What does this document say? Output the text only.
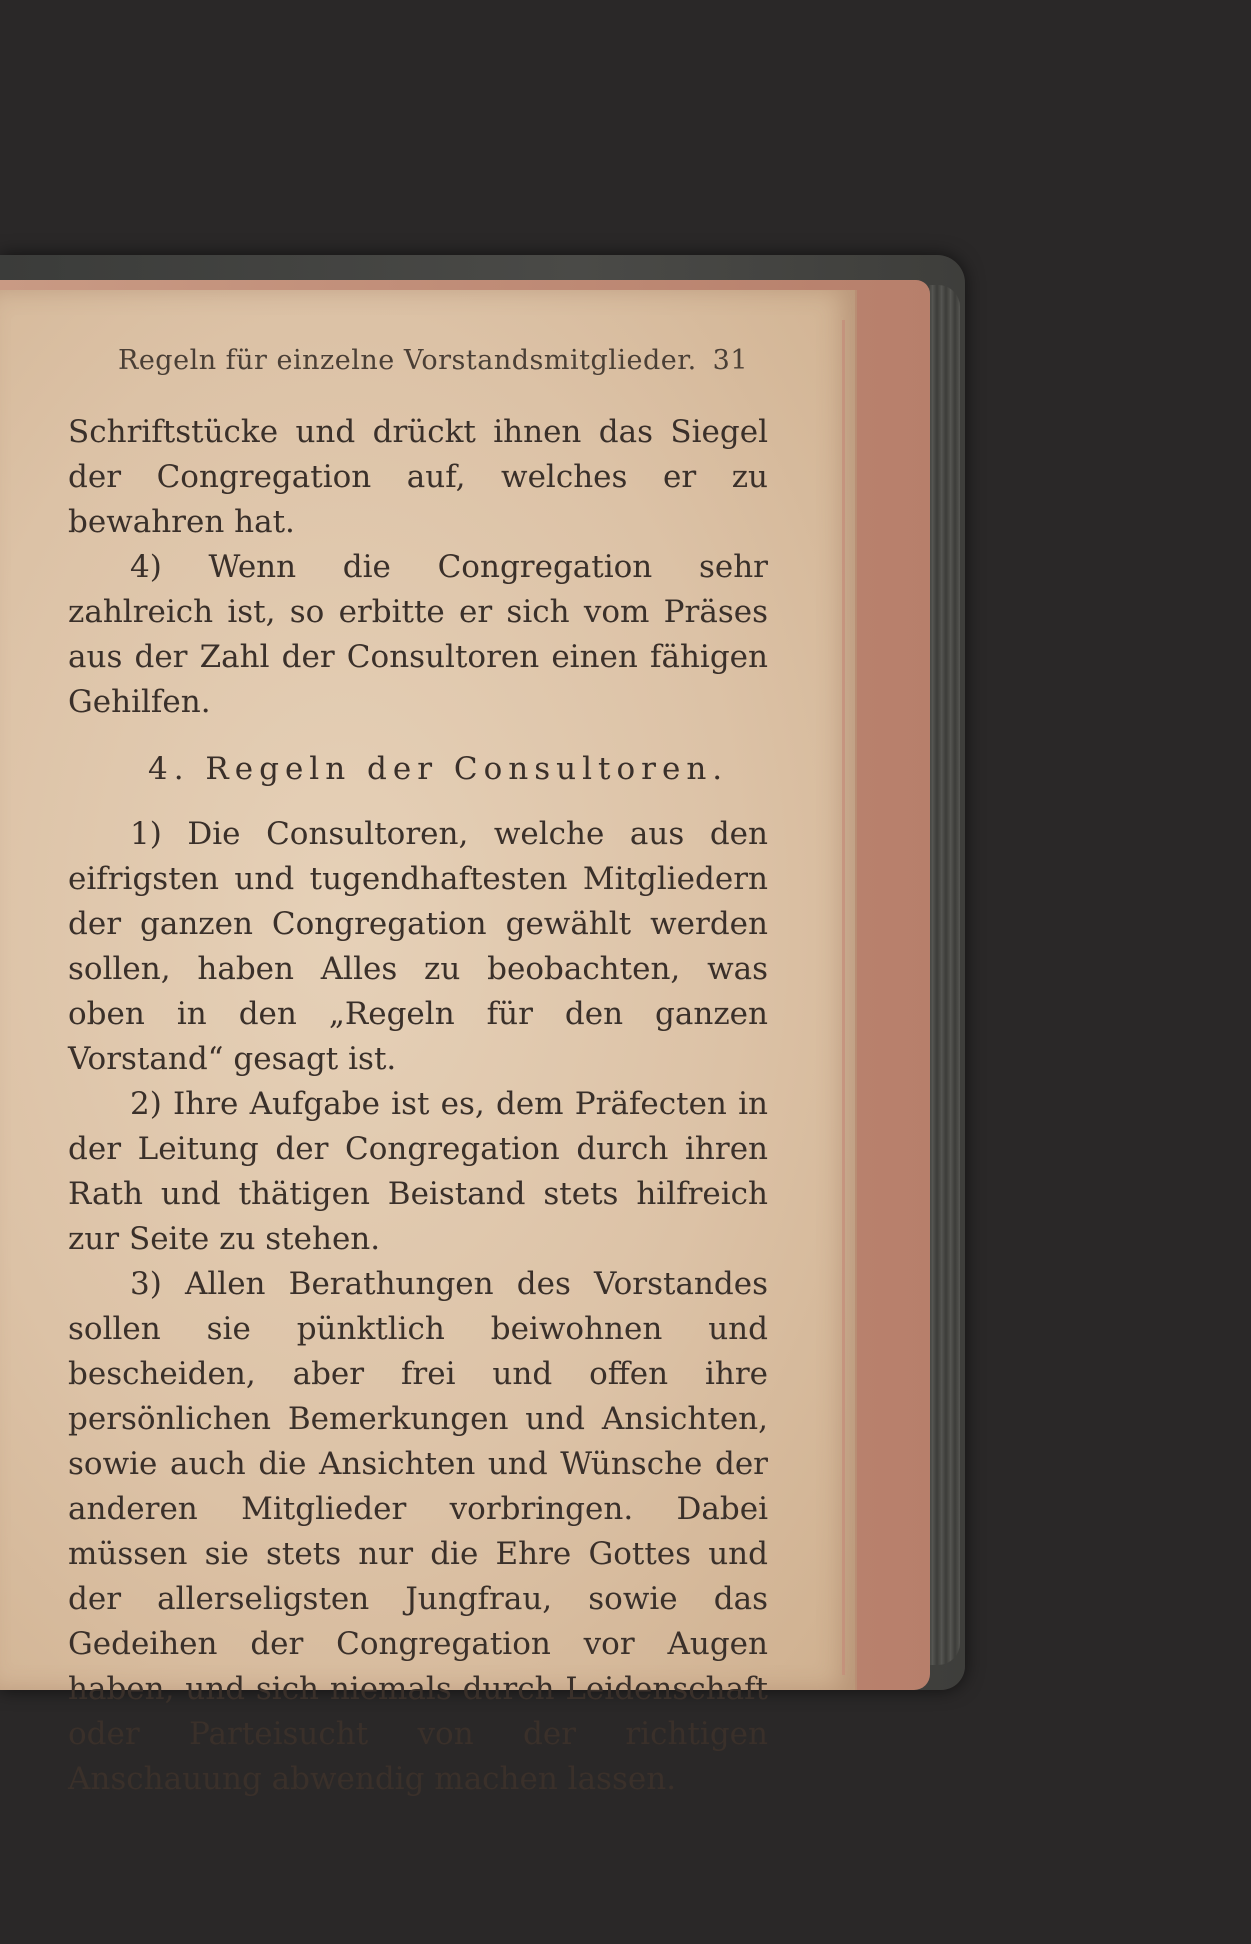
Regeln für einzelne Vorstandsmitglieder. 31

Schriftstücke und drückt ihnen das Siegel der Congregation auf, welches er zu bewahren hat.

4) Wenn die Congregation sehr zahlreich ist, so erbitte er sich vom Präses aus der Zahl der Consultoren einen fähigen Gehilfen.

4. Regeln der Consultoren.

1) Die Consultoren, welche aus den eifrigsten und tugendhaftesten Mitgliedern der ganzen Congregation gewählt werden sollen, haben Alles zu beobachten, was oben in den „Regeln für den ganzen Vorstand“ gesagt ist.

2) Ihre Aufgabe ist es, dem Präfecten in der Leitung der Congregation durch ihren Rath und thätigen Beistand stets hilfreich zur Seite zu stehen.

3) Allen Berathungen des Vorstandes sollen sie pünktlich beiwohnen und bescheiden, aber frei und offen ihre persönlichen Bemerkungen und Ansichten, sowie auch die Ansichten und Wünsche der anderen Mitglieder vorbringen. Dabei müssen sie stets nur die Ehre Gottes und der allerseligsten Jungfrau, sowie das Gedeihen der Congregation vor Augen haben, und sich niemals durch Leidenschaft oder Parteisucht von der richtigen Anschauung abwendig machen lassen.
